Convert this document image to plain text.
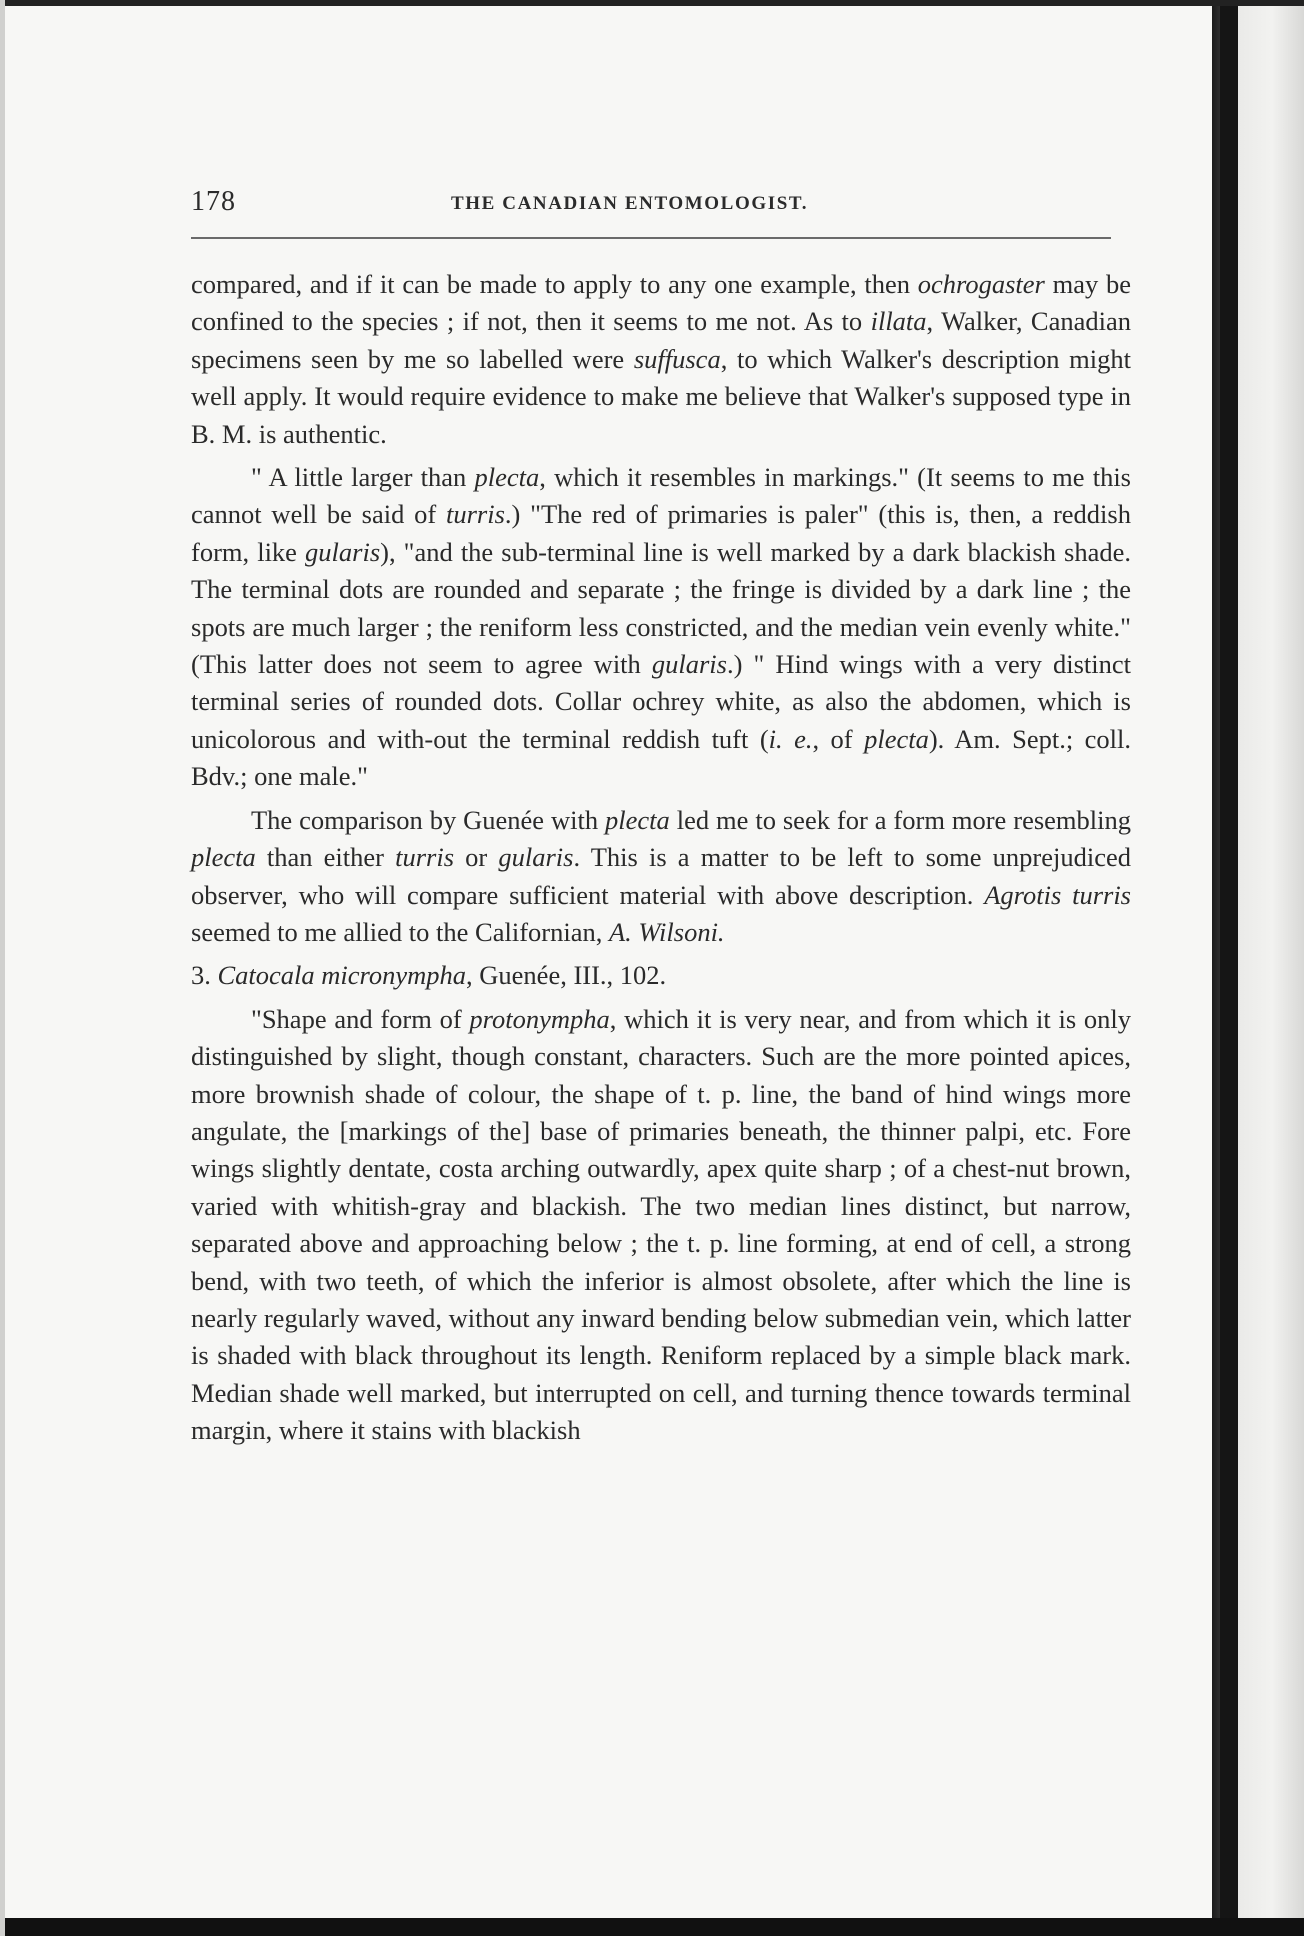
178	THE CANADIAN ENTOMOLOGIST.

compared, and if it can be made to apply to any one example, then ochrogaster may be confined to the species ; if not, then it seems to me not. As to illata, Walker, Canadian specimens seen by me so labelled were suffusca, to which Walker's description might well apply. It would require evidence to make me believe that Walker's supposed type in B. M. is authentic.

" A little larger than plecta, which it resembles in markings." (It seems to me this cannot well be said of turris.) "The red of primaries is paler" (this is, then, a reddish form, like gularis), "and the sub-terminal line is well marked by a dark blackish shade. The terminal dots are rounded and separate ; the fringe is divided by a dark line ; the spots are much larger ; the reniform less constricted, and the median vein evenly white." (This latter does not seem to agree with gularis.) " Hind wings with a very distinct terminal series of rounded dots. Collar ochrey white, as also the abdomen, which is unicolorous and with-out the terminal reddish tuft (i. e., of plecta). Am. Sept.; coll. Bdv.; one male."

The comparison by Guenée with plecta led me to seek for a form more resembling plecta than either turris or gularis. This is a matter to be left to some unprejudiced observer, who will compare sufficient material with above description. Agrotis turris seemed to me allied to the Californian, A. Wilsoni.

3. Catocala micronympha, Guenée, III., 102.

"Shape and form of protonympha, which it is very near, and from which it is only distinguished by slight, though constant, characters. Such are the more pointed apices, more brownish shade of colour, the shape of t. p. line, the band of hind wings more angulate, the [markings of the] base of primaries beneath, the thinner palpi, etc. Fore wings slightly dentate, costa arching outwardly, apex quite sharp ; of a chest-nut brown, varied with whitish-gray and blackish. The two median lines distinct, but narrow, separated above and approaching below ; the t. p. line forming, at end of cell, a strong bend, with two teeth, of which the inferior is almost obsolete, after which the line is nearly regularly waved, without any inward bending below submedian vein, which latter is shaded with black throughout its length. Reniform replaced by a simple black mark. Median shade well marked, but interrupted on cell, and turning thence towards terminal margin, where it stains with blackish
